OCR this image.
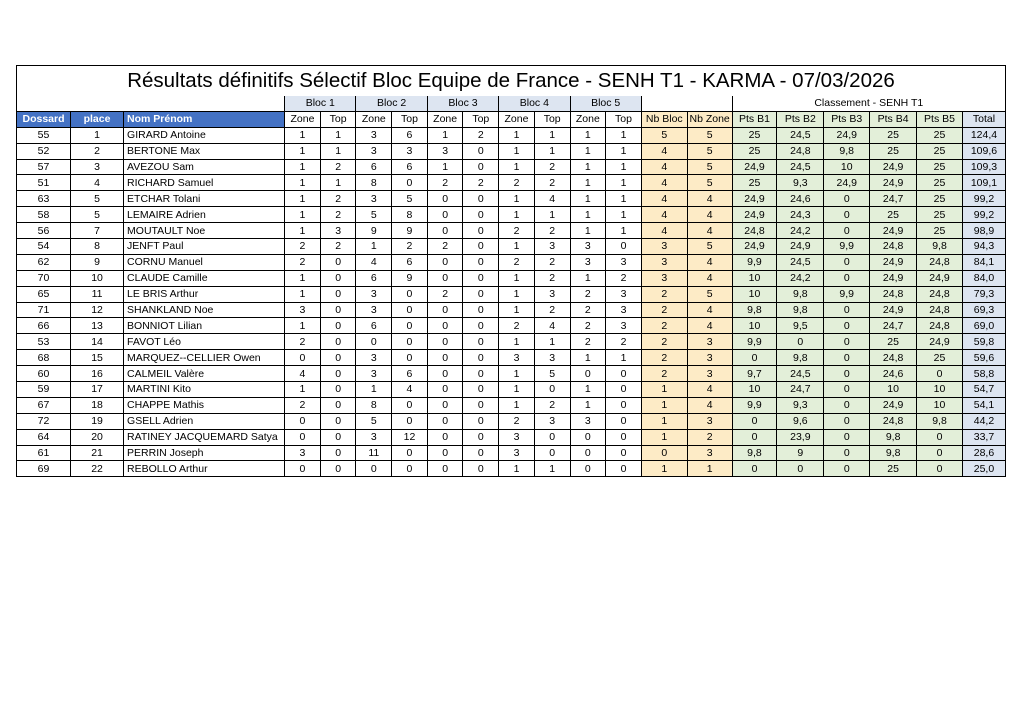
Résultats définitifs Sélectif Bloc Equipe de France - SENH T1 - KARMA - 07/03/2026
			Bloc 1		Bloc 2		Bloc 3		Bloc 4		Bloc 5				Classement - SENH T1					
Dossard	place	Nom Prénom	Zone	Top	Zone	Top	Zone	Top	Zone	Top	Zone	Top	Nb Bloc	Nb Zone	Pts B1	Pts B2	Pts B3	Pts B4	Pts B5	Total
55	1	GIRARD Antoine	1	1	3	6	1	2	1	1	1	1	5	5	25	24,5	24,9	25	25	124,4
52	2	BERTONE Max	1	1	3	3	3	0	1	1	1	1	4	5	25	24,8	9,8	25	25	109,6
57	3	AVEZOU Sam	1	2	6	6	1	0	1	2	1	1	4	5	24,9	24,5	10	24,9	25	109,3
51	4	RICHARD Samuel	1	1	8	0	2	2	2	2	1	1	4	5	25	9,3	24,9	24,9	25	109,1
63	5	ETCHAR Tolani	1	2	3	5	0	0	1	4	1	1	4	4	24,9	24,6	0	24,7	25	99,2
58	5	LEMAIRE Adrien	1	2	5	8	0	0	1	1	1	1	4	4	24,9	24,3	0	25	25	99,2
56	7	MOUTAULT Noe	1	3	9	9	0	0	2	2	1	1	4	4	24,8	24,2	0	24,9	25	98,9
54	8	JENFT Paul	2	2	1	2	2	0	1	3	3	0	3	5	24,9	24,9	9,9	24,8	9,8	94,3
62	9	CORNU Manuel	2	0	4	6	0	0	2	2	3	3	3	4	9,9	24,5	0	24,9	24,8	84,1
70	10	CLAUDE Camille	1	0	6	9	0	0	1	2	1	2	3	4	10	24,2	0	24,9	24,9	84,0
65	11	LE BRIS Arthur	1	0	3	0	2	0	1	3	2	3	2	5	10	9,8	9,9	24,8	24,8	79,3
71	12	SHANKLAND Noe	3	0	3	0	0	0	1	2	2	3	2	4	9,8	9,8	0	24,9	24,8	69,3
66	13	BONNIOT Lilian	1	0	6	0	0	0	2	4	2	3	2	4	10	9,5	0	24,7	24,8	69,0
53	14	FAVOT Léo	2	0	0	0	0	0	1	1	2	2	2	3	9,9	0	0	25	24,9	59,8
68	15	MARQUEZ--CELLIER Owen	0	0	3	0	0	0	3	3	1	1	2	3	0	9,8	0	24,8	25	59,6
60	16	CALMEIL Valère	4	0	3	6	0	0	1	5	0	0	2	3	9,7	24,5	0	24,6	0	58,8
59	17	MARTINI Kito	1	0	1	4	0	0	1	0	1	0	1	4	10	24,7	0	10	10	54,7
67	18	CHAPPE Mathis	2	0	8	0	0	0	1	2	1	0	1	4	9,9	9,3	0	24,9	10	54,1
72	19	GSELL Adrien	0	0	5	0	0	0	2	3	3	0	1	3	0	9,6	0	24,8	9,8	44,2
64	20	RATINEY JACQUEMARD Satya	0	0	3	12	0	0	3	0	0	0	1	2	0	23,9	0	9,8	0	33,7
61	21	PERRIN Joseph	3	0	11	0	0	0	3	0	0	0	0	3	9,8	9	0	9,8	0	28,6
69	22	REBOLLO Arthur	0	0	0	0	0	0	1	1	0	0	1	1	0	0	0	25	0	25,0
